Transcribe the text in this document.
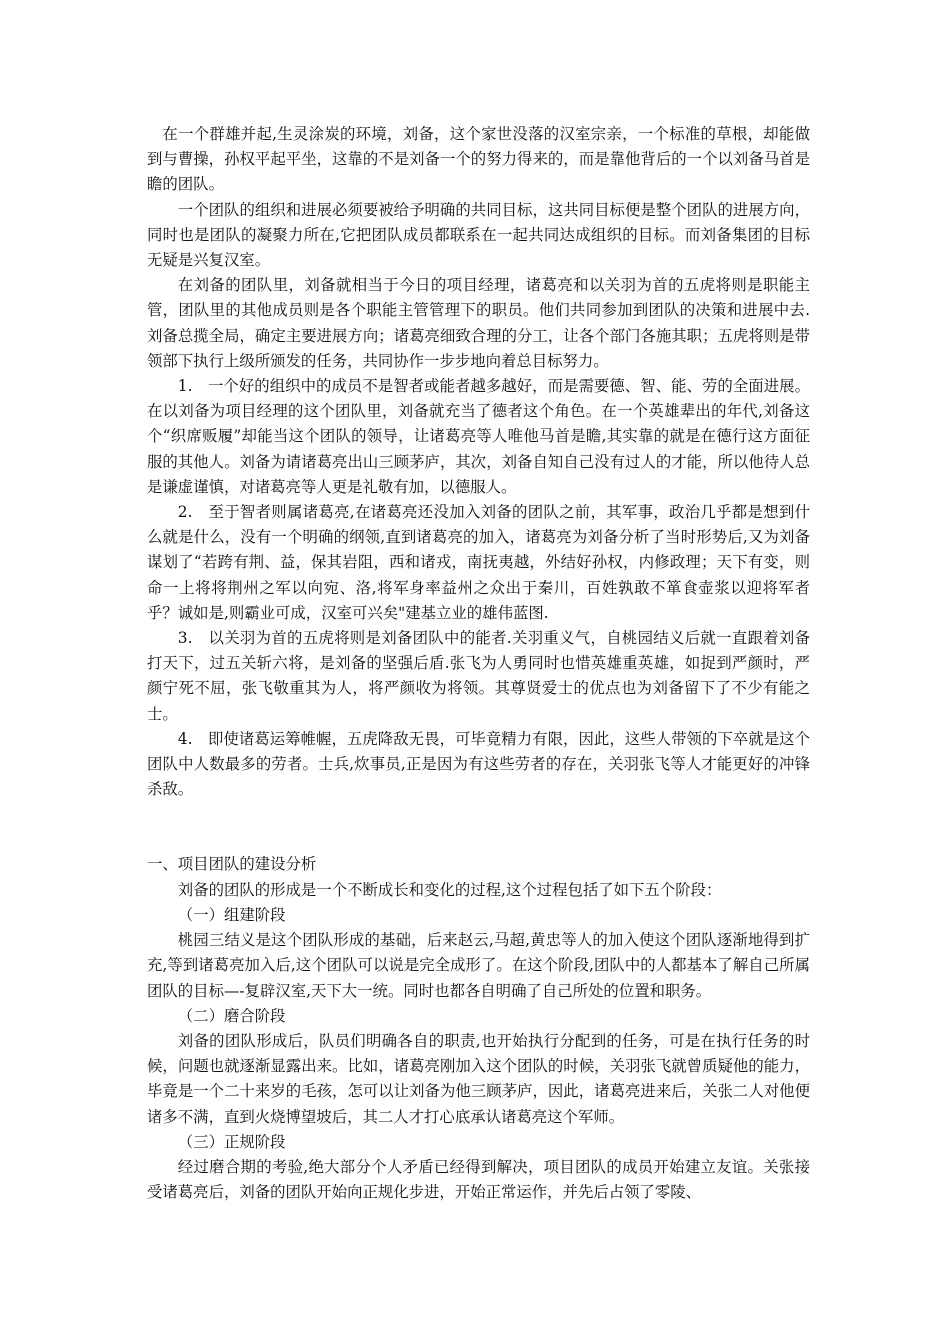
在一个群雄并起,生灵涂炭的环境，刘备，这个家世没落的汉室宗亲，一个标准的草根，却能做到与曹操，孙权平起平坐，这靠的不是刘备一个的努力得来的，而是靠他背后的一个以刘备马首是瞻的团队。

一个团队的组织和进展必须要被给予明确的共同目标，这共同目标便是整个团队的进展方向，同时也是团队的凝聚力所在,它把团队成员都联系在一起共同达成组织的目标。而刘备集团的目标无疑是兴复汉室。

在刘备的团队里，刘备就相当于今日的项目经理，诸葛亮和以关羽为首的五虎将则是职能主管，团队里的其他成员则是各个职能主管管理下的职员。他们共同参加到团队的决策和进展中去.刘备总揽全局，确定主要进展方向；诸葛亮细致合理的分工，让各个部门各施其职；五虎将则是带领部下执行上级所颁发的任务，共同协作一步步地向着总目标努力。

1.　一个好的组织中的成员不是智者或能者越多越好，而是需要德、智、能、劳的全面进展。在以刘备为项目经理的这个团队里，刘备就充当了德者这个角色。在一个英雄辈出的年代,刘备这个“织席贩履”却能当这个团队的领导，让诸葛亮等人唯他马首是瞻,其实靠的就是在德行这方面征服的其他人。刘备为请诸葛亮出山三顾茅庐，其次，刘备自知自己没有过人的才能，所以他待人总是谦虚谨慎，对诸葛亮等人更是礼敬有加，以德服人。

2.　至于智者则属诸葛亮,在诸葛亮还没加入刘备的团队之前，其军事，政治几乎都是想到什么就是什么，没有一个明确的纲领,直到诸葛亮的加入，诸葛亮为刘备分析了当时形势后,又为刘备谋划了“若跨有荆、益，保其岩阻，西和诸戎，南抚夷越，外结好孙权，内修政理；天下有变，则命一上将将荆州之军以向宛、洛,将军身率益州之众出于秦川，百姓孰敢不箪食壶浆以迎将军者乎？诚如是,则霸业可成，汉室可兴矣"建基立业的雄伟蓝图.

3.　以关羽为首的五虎将则是刘备团队中的能者.关羽重义气，自桃园结义后就一直跟着刘备打天下，过五关斩六将，是刘备的坚强后盾.张飞为人勇同时也惜英雄重英雄，如捉到严颜时，严颜宁死不屈，张飞敬重其为人，将严颜收为将领。其尊贤爱士的优点也为刘备留下了不少有能之士。

4.　即使诸葛运筹帷幄，五虎降敌无畏，可毕竟精力有限，因此，这些人带领的下卒就是这个团队中人数最多的劳者。士兵,炊事员,正是因为有这些劳者的存在，关羽张飞等人才能更好的冲锋杀敌。

一、项目团队的建设分析

刘备的团队的形成是一个不断成长和变化的过程,这个过程包括了如下五个阶段：

（一）组建阶段

桃园三结义是这个团队形成的基础，后来赵云,马超,黄忠等人的加入使这个团队逐渐地得到扩充,等到诸葛亮加入后,这个团队可以说是完全成形了。在这个阶段,团队中的人都基本了解自己所属团队的目标—-复辟汉室,天下大一统。同时也都各自明确了自己所处的位置和职务。

（二）磨合阶段

刘备的团队形成后，队员们明确各自的职责,也开始执行分配到的任务，可是在执行任务的时候，问题也就逐渐显露出来。比如，诸葛亮刚加入这个团队的时候，关羽张飞就曾质疑他的能力，毕竟是一个二十来岁的毛孩，怎可以让刘备为他三顾茅庐，因此，诸葛亮进来后，关张二人对他便诸多不满，直到火烧博望坡后，其二人才打心底承认诸葛亮这个军师。

（三）正规阶段

经过磨合期的考验,绝大部分个人矛盾已经得到解决，项目团队的成员开始建立友谊。关张接受诸葛亮后，刘备的团队开始向正规化步进，开始正常运作，并先后占领了零陵、
